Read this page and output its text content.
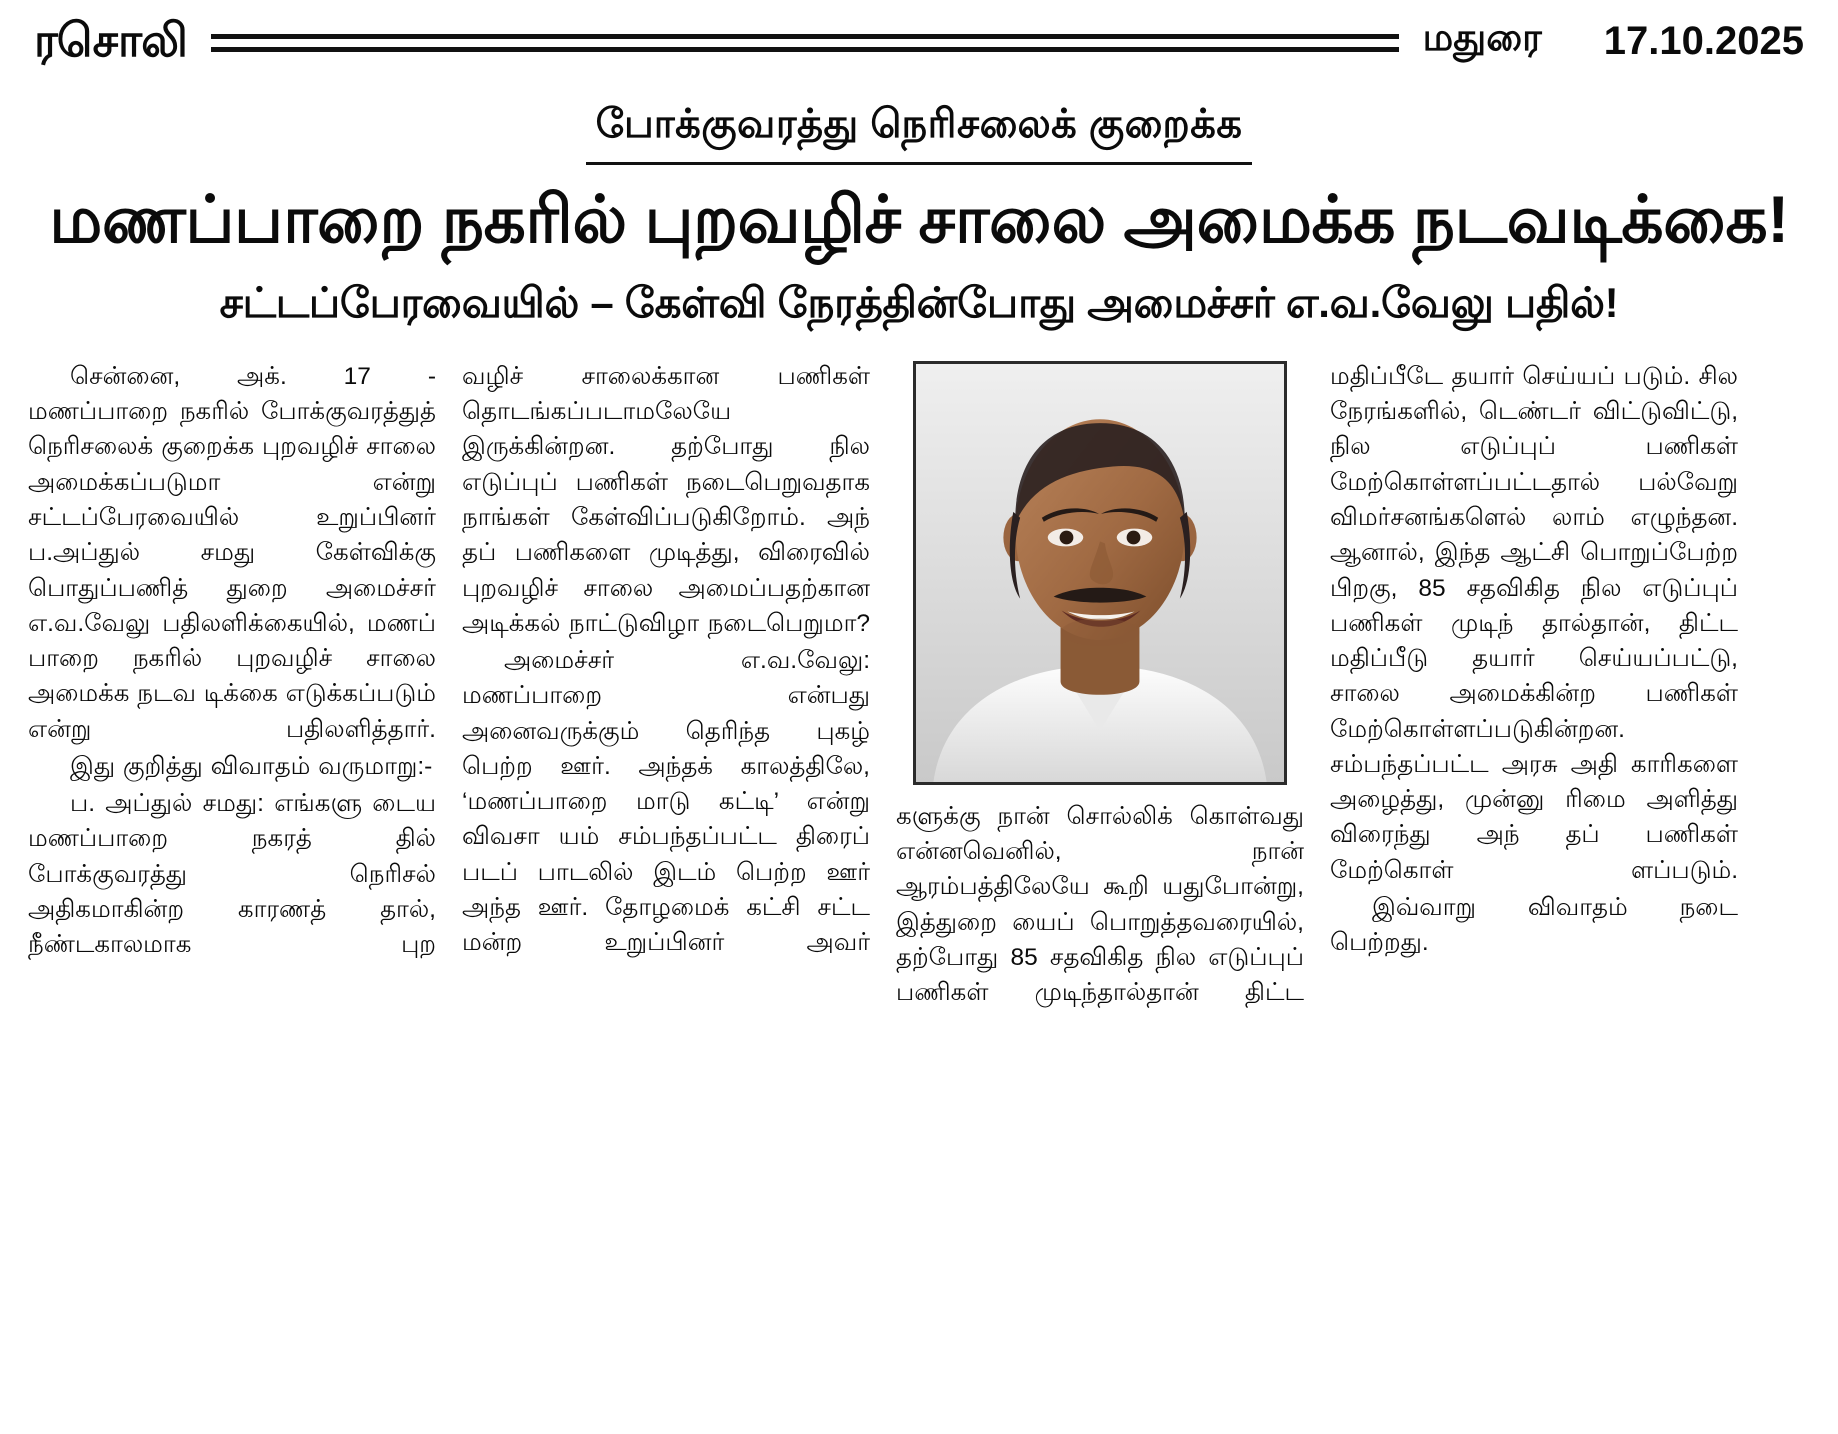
ரசொலி	மதுரை 17.10.2025
போக்குவரத்து நெரிசலைக் குறைக்க
மணப்பாறை நகரில் புறவழிச் சாலை அமைக்க நடவடிக்கை!
சட்டப்பேரவையில் – கேள்வி நேரத்தின்போது அமைச்சர் எ.வ.வேலு பதில்!

சென்னை, அக். 17 - மணப்பாறை நகரில் போக்குவரத்துத் நெரிசலைக் குறைக்க புறவழிச் சாலை அமைக்கப்படுமா என்று சட்டப்பேரவையில் உறுப்பினர் ப.அப்துல் சமது கேள்விக்கு பொதுப்பணித் துறை அமைச்சர் எ.வ.வேலு பதிலளிக்கையில், மணப் பாறை நகரில் புறவழிச் சாலை அமைக்க நடவ டிக்கை எடுக்கப்படும் என்று பதிலளித்தார்.

இது குறித்து விவாதம் வருமாறு:-

ப. அப்துல் சமது: எங்களு டைய மணப்பாறை நகரத் தில் போக்குவரத்து நெரிசல் அதிகமாகின்ற காரணத் தால், நீண்டகாலமாக புற

வழிச் சாலைக்கான பணிகள் தொடங்கப்படாமலேயே இருக்கின்றன. தற்போது நில எடுப்புப் பணிகள் நடைபெறுவதாக நாங்கள் கேள்விப்படுகிறோம். அந் தப் பணிகளை முடித்து, விரைவில் புறவழிச் சாலை அமைப்பதற்கான அடிக்கல் நாட்டுவிழா நடைபெறுமா?

அமைச்சர் எ.வ.வேலு: மணப்பாறை என்பது அனைவருக்கும் தெரிந்த புகழ் பெற்ற ஊர். அந்தக் காலத்திலே, ‘மணப்பாறை மாடு கட்டி’ என்று விவசா யம் சம்பந்தப்பட்ட திரைப் படப் பாடலில் இடம் பெற்ற ஊர் அந்த ஊர். தோழமைக் கட்சி சட்ட மன்ற உறுப்பினர் அவர்

களுக்கு நான் சொல்லிக் கொள்வது என்னவெனில், நான் ஆரம்பத்திலேயே கூறி யதுபோன்று, இத்துறை யைப் பொறுத்தவரையில், தற்போது 85 சதவிகித நில எடுப்புப் பணிகள் முடிந்தால்தான் திட்ட

மதிப்பீடே தயார் செய்யப் படும். சில நேரங்களில், டெண்டர் விட்டுவிட்டு, நில எடுப்புப் பணிகள் மேற்கொள்ளப்பட்டதால் பல்வேறு விமர்சனங்களெல் லாம் எழுந்தன. ஆனால், இந்த ஆட்சி பொறுப்பேற்ற பிறகு, 85 சதவிகித நில எடுப்புப் பணிகள் முடிந் தால்தான், திட்ட மதிப்பீடு தயார் செய்யப்பட்டு, சாலை அமைக்கின்ற பணிகள் மேற்கொள்ளப்படுகின்றன. சம்பந்தப்பட்ட அரசு அதி காரிகளை அழைத்து, முன்னு ரிமை அளித்து விரைந்து அந் தப் பணிகள் மேற்கொள் ளப்படும்.

இவ்வாறு விவாதம் நடை பெற்றது.
